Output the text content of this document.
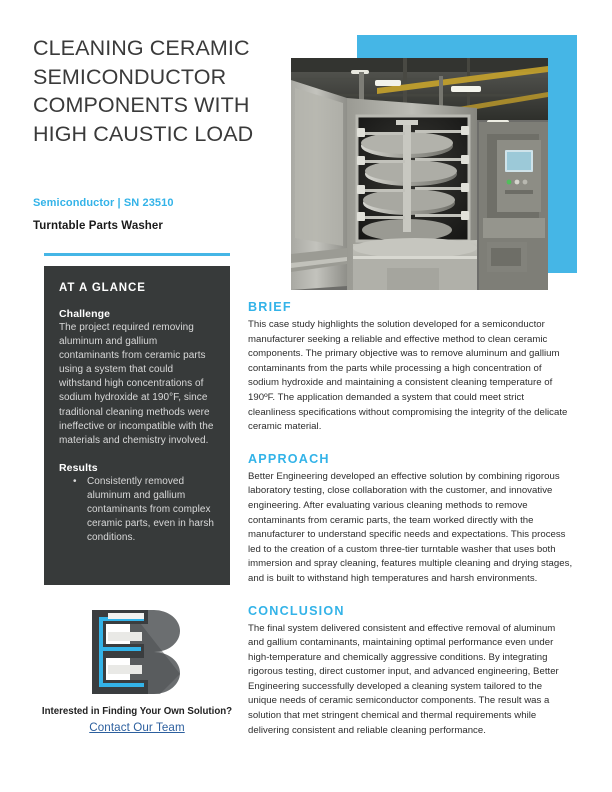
CLEANING CERAMIC SEMICONDUCTOR COMPONENTS WITH HIGH CAUSTIC LOAD
Semiconductor | SN 23510
Turntable Parts Washer
AT A GLANCE
Challenge

The project required removing aluminum and gallium contaminants from ceramic parts using a system that could withstand high concentrations of sodium hydroxide at 190°F, since traditional cleaning methods were ineffective or incompatible with the materials and chemistry involved.

Results
• Consistently removed aluminum and gallium contaminants from complex ceramic parts, even in harsh conditions.
Interested in Finding Your Own Solution?
Contact Our Team
BRIEF

This case study highlights the solution developed for a semiconductor manufacturer seeking a reliable and effective method to clean ceramic components. The primary objective was to remove aluminum and gallium contaminants from the parts while processing a high concentration of sodium hydroxide and maintaining a consistent cleaning temperature of 190ºF. The application demanded a system that could meet strict cleanliness specifications without compromising the integrity of the delicate ceramic material.

APPROACH

Better Engineering developed an effective solution by combining rigorous laboratory testing, close collaboration with the customer, and innovative engineering. After evaluating various cleaning methods to remove contaminants from ceramic parts, the team worked directly with the manufacturer to understand specific needs and expectations. This process led to the creation of a custom three-tier turntable washer that uses both immersion and spray cleaning, features multiple cleaning and drying stages, and is built to withstand high temperatures and harsh environments.

CONCLUSION

The final system delivered consistent and effective removal of aluminum and gallium contaminants, maintaining optimal performance even under high-temperature and chemically aggressive conditions. By integrating rigorous testing, direct customer input, and advanced engineering, Better Engineering successfully developed a cleaning system tailored to the unique needs of ceramic semiconductor components. The result was a solution that met stringent chemical and thermal requirements while delivering consistent and reliable cleaning performance.
